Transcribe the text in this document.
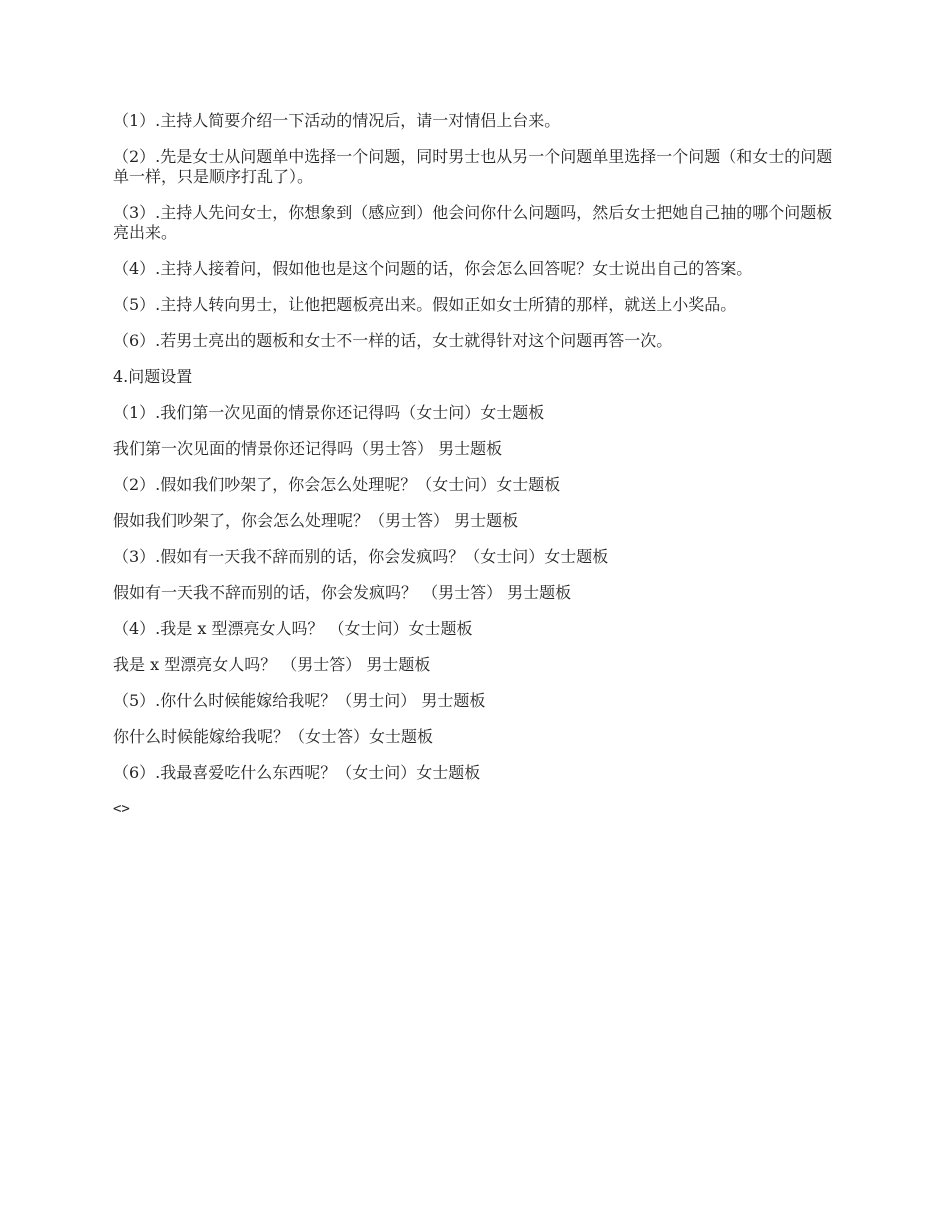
（1）.主持人简要介绍一下活动的情况后，请一对情侣上台来。

（2）.先是女士从问题单中选择一个问题，同时男士也从另一个问题单里选择一个问题（和女士的问题单一样，只是顺序打乱了）。

（3）.主持人先问女士，你想象到（感应到）他会问你什么问题吗，然后女士把她自己抽的哪个问题板亮出来。

（4）.主持人接着问，假如他也是这个问题的话，你会怎么回答呢？女士说出自己的答案。

（5）.主持人转向男士，让他把题板亮出来。假如正如女士所猜的那样，就送上小奖品。

（6）.若男士亮出的题板和女士不一样的话，女士就得针对这个问题再答一次。

4.问题设置

（1）.我们第一次见面的情景你还记得吗（女士问）女士题板

我们第一次见面的情景你还记得吗（男士答） 男士题板

（2）.假如我们吵架了，你会怎么处理呢？（女士问）女士题板

假如我们吵架了，你会怎么处理呢？（男士答） 男士题板

（3）.假如有一天我不辞而别的话，你会发疯吗？（女士问）女士题板

假如有一天我不辞而别的话，你会发疯吗？ （男士答） 男士题板

（4）.我是 x 型漂亮女人吗？ （女士问）女士题板

我是 x 型漂亮女人吗？ （男士答） 男士题板

（5）.你什么时候能嫁给我呢？（男士问） 男士题板

你什么时候能嫁给我呢？（女士答）女士题板

（6）.我最喜爱吃什么东西呢？（女士问）女士题板

<>
